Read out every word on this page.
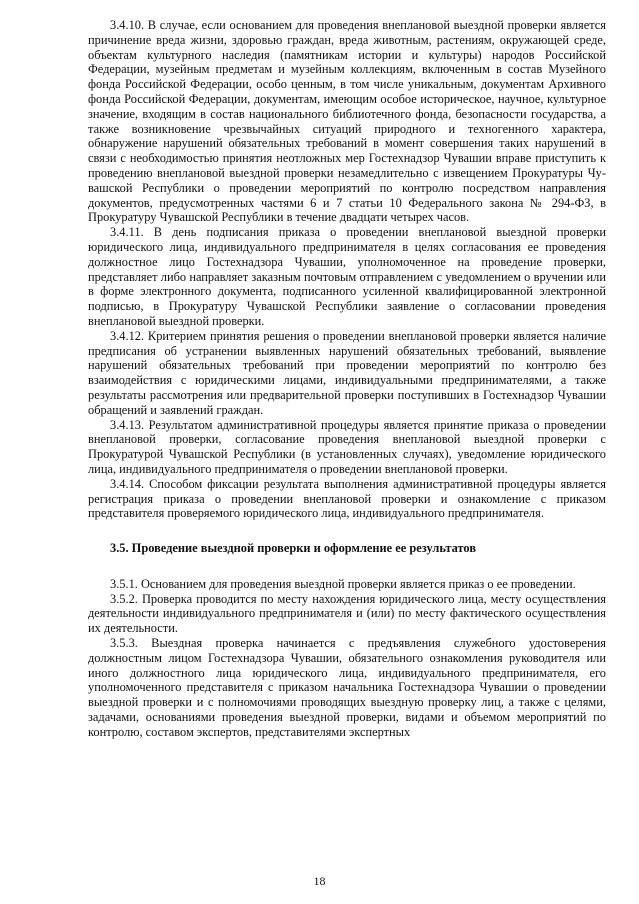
3.4.10. В случае, если основанием для проведения внеплановой выездной проверки является причинение вреда жизни, здоровью граждан, вреда животным, растениям, окружающей среде, объектам культурного наследия (памятникам истории и культуры) народов Российской Федерации, музейным предметам и музейным коллекциям, включенным в состав Музейного фонда Российской Федерации, особо ценным, в том числе уникальным, документам Архивного фонда Российской Федерации, документам, имеющим особое историческое, научное, культурное значение, входящим в состав национального библиотечного фонда, безопасности государства, а также возникновение чрезвычайных ситуаций природного и техногенного характера, обнаружение нарушений обязательных требований в момент совершения таких нарушений в связи с необходимостью принятия неотложных мер Гостехнадзор Чувашии вправе приступить к проведению внеплановой выездной проверки незамедлительно с извещением Прокуратуры Чувашской Республики о проведении мероприятий по контролю посредством направления документов, предусмотренных частями 6 и 7 статьи 10 Федерального закона № 294-ФЗ, в Прокуратуру Чувашской Республики в течение двадцати четырех часов.

3.4.11. В день подписания приказа о проведении внеплановой выездной проверки юридического лица, индивидуального предпринимателя в целях согласования ее проведения должностное лицо Гостехнадзора Чувашии, уполномоченное на проведение проверки, представляет либо направляет заказным почтовым отправлением с уведомлением о вручении или в форме электронного документа, подписанного усиленной квалифицированной электронной подписью, в Прокуратуру Чувашской Республики заявление о согласовании проведения внеплановой выездной проверки.

3.4.12. Критерием принятия решения о проведении внеплановой проверки является наличие предписания об устранении выявленных нарушений обязательных требований, выявление нарушений обязательных требований при проведении мероприятий по контролю без взаимодействия с юридическими лицами, индивидуальными предпринимателями, а также результаты рассмотрения или предварительной проверки поступивших в Гостехнадзор Чувашии обращений и заявлений граждан.

3.4.13. Результатом административной процедуры является принятие приказа о проведении внеплановой проверки, согласование проведения внеплановой выездной проверки с Прокуратурой Чувашской Республики (в установленных случаях), уведомление юридического лица, индивидуального предпринимателя о проведении внеплановой проверки.

3.4.14. Способом фиксации результата выполнения административной процедуры является регистрация приказа о проведении внеплановой проверки и ознакомление с приказом представителя проверяемого юридического лица, индивидуального предпринимателя.

3.5. Проведение выездной проверки и оформление ее результатов

3.5.1. Основанием для проведения выездной проверки является приказ о ее проведении.

3.5.2. Проверка проводится по месту нахождения юридического лица, месту осуществления деятельности индивидуального предпринимателя и (или) по месту фактического осуществления их деятельности.

3.5.3. Выездная проверка начинается с предъявления служебного удостоверения должностным лицом Гостехнадзора Чувашии, обязательного ознакомления руководителя или иного должностного лица юридического лица, индивидуального предпринимателя, его уполномоченного представителя с приказом начальника Гостехнадзора Чувашии о проведении выездной проверки и с полномочиями проводящих выездную проверку лиц, а также с целями, задачами, основаниями проведения выездной проверки, видами и объемом мероприятий по контролю, составом экспертов, представителями экспертных

18
